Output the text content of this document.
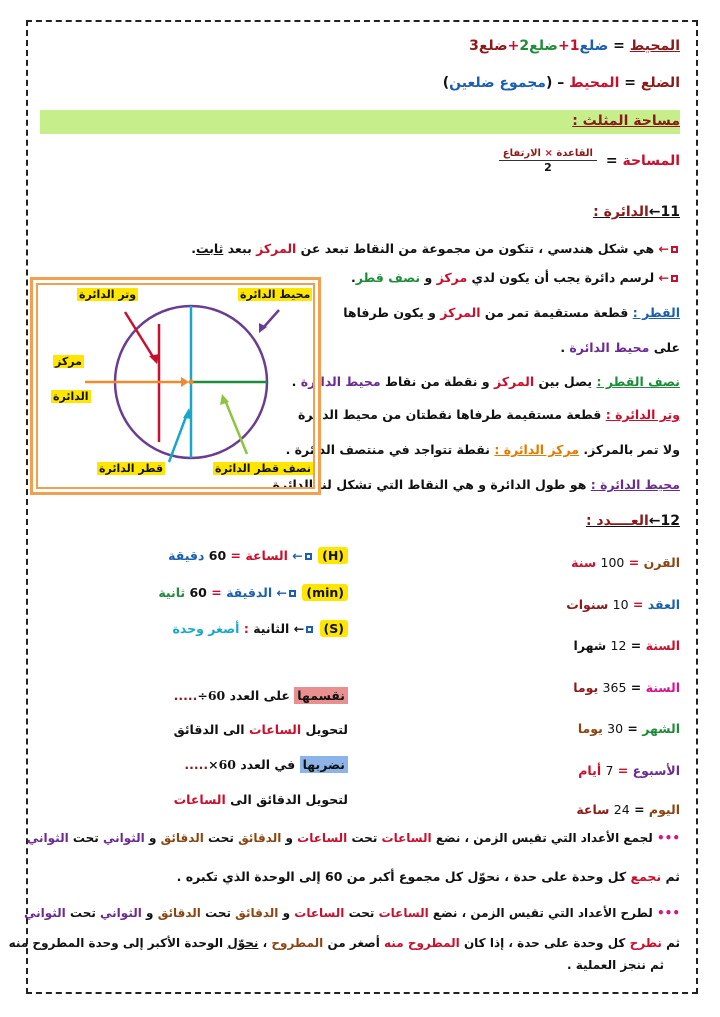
المحيط = ضلع1+ضلع2+ضلع3
الضلع = المحيط – (مجموع ضلعين)
مساحة المثلث :
المساحة =
$\frac{\text{القاعدة × الارتفاع}}{2}$
11←الدائرة :
← هي شكل هندسي ، تتكون من مجموعة من النقاط تبعد عن المركز ببعد ثابت.
← لرسم دائرة يجب أن يكون لدي مركز و نصف قطر.
القطر : قطعة مستقيمة تمر من المركز و يكون طرفاها
على محيط الدائرة .
نصف القطر : يصل بين المركز و نقطة من نقاط محيط الدائرة .
وتر الدائرة : قطعة مستقيمة طرفاها نقطتان من محيط الدائرة
ولا تمر بالمركز. مركز الدائرة : نقطة تتواجد في منتصف الدائرة .
محيط الدائرة : هو طول الدائرة و هي النقاط التي تشكل لنا الدائرة
وتر الدائرة	محيط الدائرة
مركز
الدائرة
قطر الدائرة	نصف قطر الدائرة
12←العــــدد :
القرن = 100 سنة
العقد = 10 سنوات
السنة = 12 شهرا
السنة = 365 يوما
الشهر = 30 يوما
الأسبوع = 7 أيام
اليوم = 24 ساعة
(H) ← الساعة = 60 دقيقة
(min) ← الدقيقة = 60 ثانية
(S) ← الثانية : أصغر وحدة
نقسمها على العدد 60÷.....
لتحويل الساعات الى الدقائق
نضربها في العدد 60×.....
لتحويل الدقائق الى الساعات
••• لجمع الأعداد التي تقيس الزمن ، نضع الساعات تحت الساعات و الدقائق تحت الدقائق و الثواني تحت الثواني
ثم نجمع كل وحدة على حدة ، نحوّل كل مجموع أكبر من 60 إلى الوحدة الذي تكبره .
••• لطرح الأعداد التي تقيس الزمن ، نضع الساعات تحت الساعات و الدقائق تحت الدقائق و الثواني تحت الثواني
ثم نطرح كل وحدة على حدة ، إذا كان المطروح منه أصغر من المطروح ، نحوّل الوحدة الأكبر إلى وحدة المطروح منه
ثم ننجز العملية .
